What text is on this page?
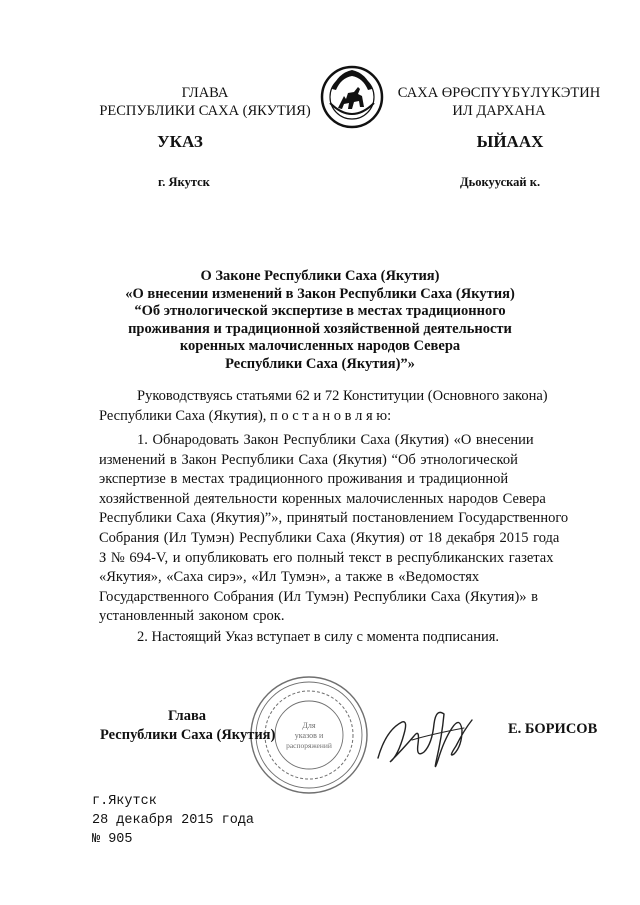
ГЛАВА
РЕСПУБЛИКИ САХА (ЯКУТИЯ)
САХА ӨРӨСПҮҮБҮЛҮКЭТИН
ИЛ ДАРХАНА
УКАЗ	ЫЙААХ
г. Якутск	Дьокуускай к.
О Законе Республики Саха (Якутия)
«О внесении изменений в Закон Республики Саха (Якутия)
“Об этнологической экспертизе в местах традиционного
проживания и традиционной хозяйственной деятельности
коренных малочисленных народов Севера
Республики Саха (Якутия)”»
Руководствуясь статьями 62 и 72 Конституции (Основного закона)
Республики Саха (Якутия), п о с т а н о в л я ю:
1. Обнародовать Закон Республики Саха (Якутия) «О внесении
изменений в Закон Республики Саха (Якутия) “Об этнологической
экспертизе в местах традиционного проживания и традиционной
хозяйственной деятельности коренных малочисленных народов Севера
Республики Саха (Якутия)”», принятый постановлением Государственного
Собрания (Ил Тумэн) Республики Саха (Якутия) от 18 декабря 2015 года
З № 694-V, и опубликовать его полный текст в республиканских газетах
«Якутия», «Саха сирэ», «Ил Тумэн», а также в «Ведомостях
Государственного Собрания (Ил Тумэн) Республики Саха (Якутия)» в
установленный законом срок.
2. Настоящий Указ вступает в силу с момента подписания.
Для
указов и
распоряжений
Глава
Республики Саха (Якутия)	Е. БОРИСОВ
г.Якутск
28 декабря 2015 года
№ 905
